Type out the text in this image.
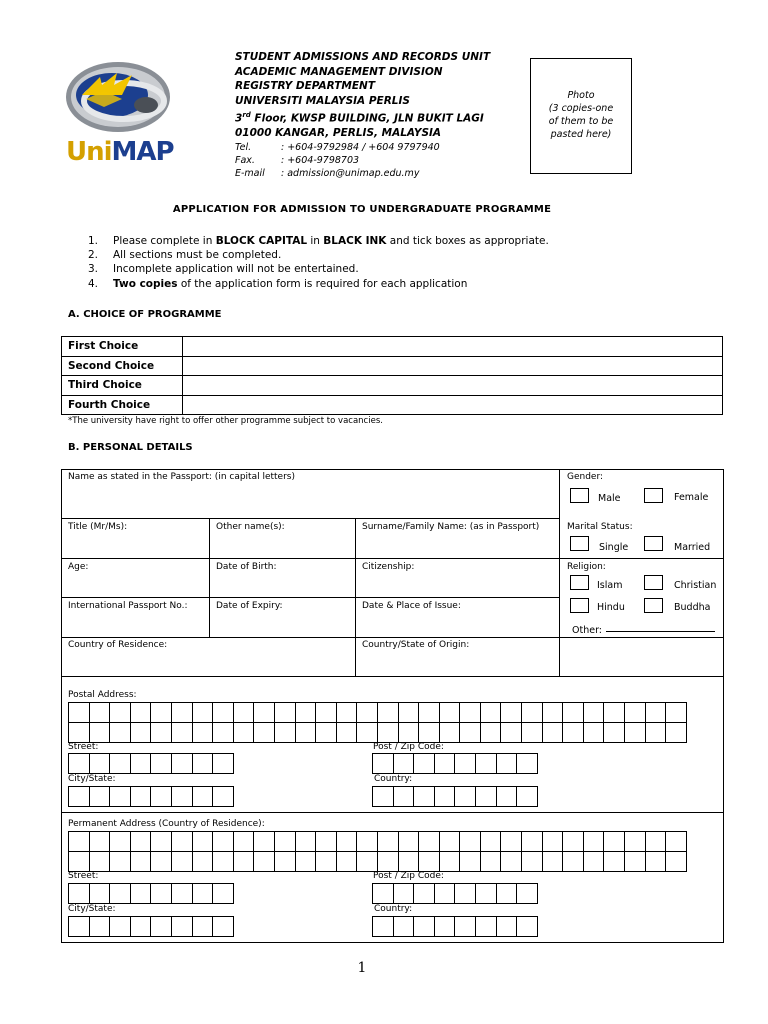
UniMAP
STUDENT ADMISSIONS AND RECORDS UNIT
ACADEMIC MANAGEMENT DIVISION
REGISTRY DEPARTMENT
UNIVERSITI MALAYSIA PERLIS
3rd Floor, KWSP BUILDING, JLN BUKIT LAGI
01000 KANGAR, PERLIS, MALAYSIA
Tel.	: +604-9792984 / +604 9797940
Fax.	: +604-9798703
E-mail : admission@unimap.edu.my
Photo
(3 copies-one
of them to be
pasted here)
APPLICATION FOR ADMISSION TO UNDERGRADUATE PROGRAMME
1. Please complete in BLOCK CAPITAL in BLACK INK and tick boxes as appropriate.
2. All sections must be completed.
3. Incomplete application will not be entertained.
4. Two copies of the application form is required for each application
A. CHOICE OF PROGRAMME
First Choice	
Second Choice	
Third Choice	
Fourth Choice	
*The university have right to offer other programme subject to vacancies.
B. PERSONAL DETAILS
Name as stated in the Passport: (in capital letters)	Gender:
Male	Female
Title (Mr/Ms):	Other name(s):	Surname/Family Name: (as in Passport)	Marital Status:
Single	Married
Age:	Date of Birth:	Citizenship:	Religion:
Islam	Christian
International Passport No.:	Date of Expiry:	Date & Place of Issue:	Hindu	Buddha
Other:
Country of Residence:	Country/State of Origin:
Postal Address:
Street:	Post / Zip Code:
City/State:	Country:
Permanent Address (Country of Residence):
Street:	Post / Zip Code:
City/State:	Country:
1
